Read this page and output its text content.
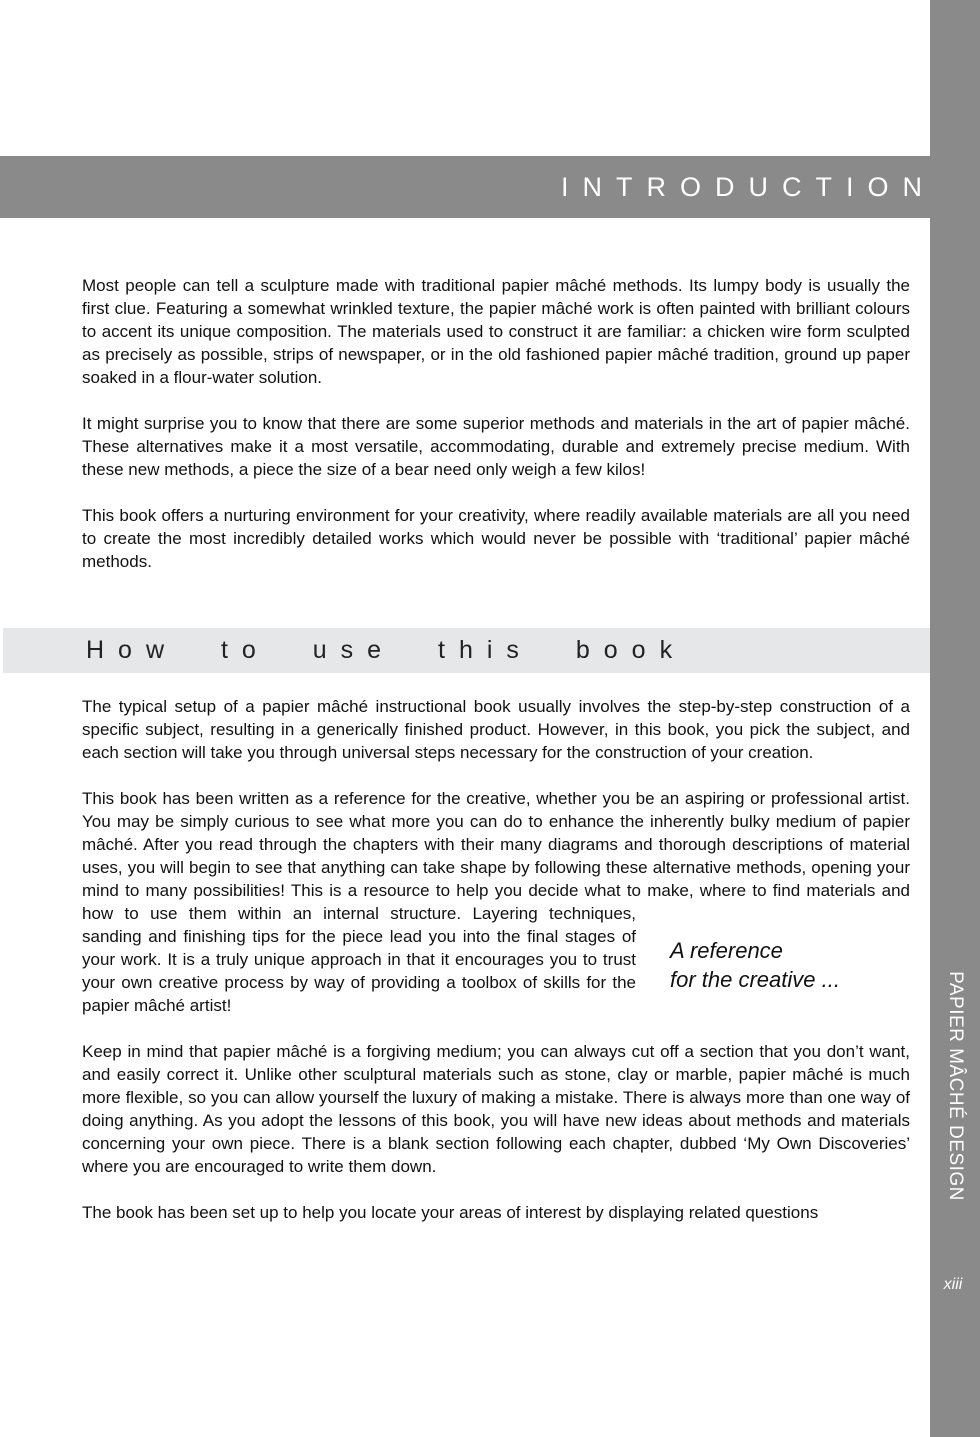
PAPIER MÂCHÉ DESIGN
xiii
INTRODUCTION

Most people can tell a sculpture made with traditional papier mâché methods. Its lumpy body is usually the first clue. Featuring a somewhat wrinkled texture, the papier mâché work is often painted with brilliant colours to accent its unique composition. The materials used to construct it are familiar: a chicken wire form sculpted as precisely as possible, strips of newspaper, or in the old fashioned papier mâché tradition, ground up paper soaked in a flour-water solution.

It might surprise you to know that there are some superior methods and materials in the art of papier mâché. These alternatives make it a most versatile, accommodating, durable and extremely precise medium. With these new methods, a piece the size of a bear need only weigh a few kilos!

This book offers a nurturing environment for your creativity, where readily available materials are all you need to create the most incredibly detailed works which would never be possible with ‘traditional’ papier mâché methods.

How to use this book

The typical setup of a papier mâché instructional book usually involves the step-by-step construction of a specific subject, resulting in a generically finished product. However, in this book, you pick the subject, and each section will take you through universal steps necessary for the construction of your creation.

This book has been written as a reference for the creative, whether you be an aspiring or professional artist. You may be simply curious to see what more you can do to enhance the inherently bulky medium of papier mâché. After you read through the chapters with their many diagrams and thorough descriptions of material uses, you will begin to see that anything can take shape by following these alternative methods, opening your mind to many possibilities! This is a resource to help you decide what to make, where to find materials and how to use them within an internal structure.
A reference
for the creative ...
Layering techniques, sanding and finishing tips for the piece lead you into the final stages of your work. It is a truly unique approach in that it encourages you to trust your own creative process by way of providing a toolbox of skills for the papier mâché artist!

Keep in mind that papier mâché is a forgiving medium; you can always cut off a section that you don’t want, and easily correct it. Unlike other sculptural materials such as stone, clay or marble, papier mâché is much more flexible, so you can allow yourself the luxury of making a mistake. There is always more than one way of doing anything. As you adopt the lessons of this book, you will have new ideas about methods and materials concerning your own piece. There is a blank section following each chapter, dubbed ‘My Own Discoveries’ where you are encouraged to write them down.

The book has been set up to help you locate your areas of interest by displaying related questions
